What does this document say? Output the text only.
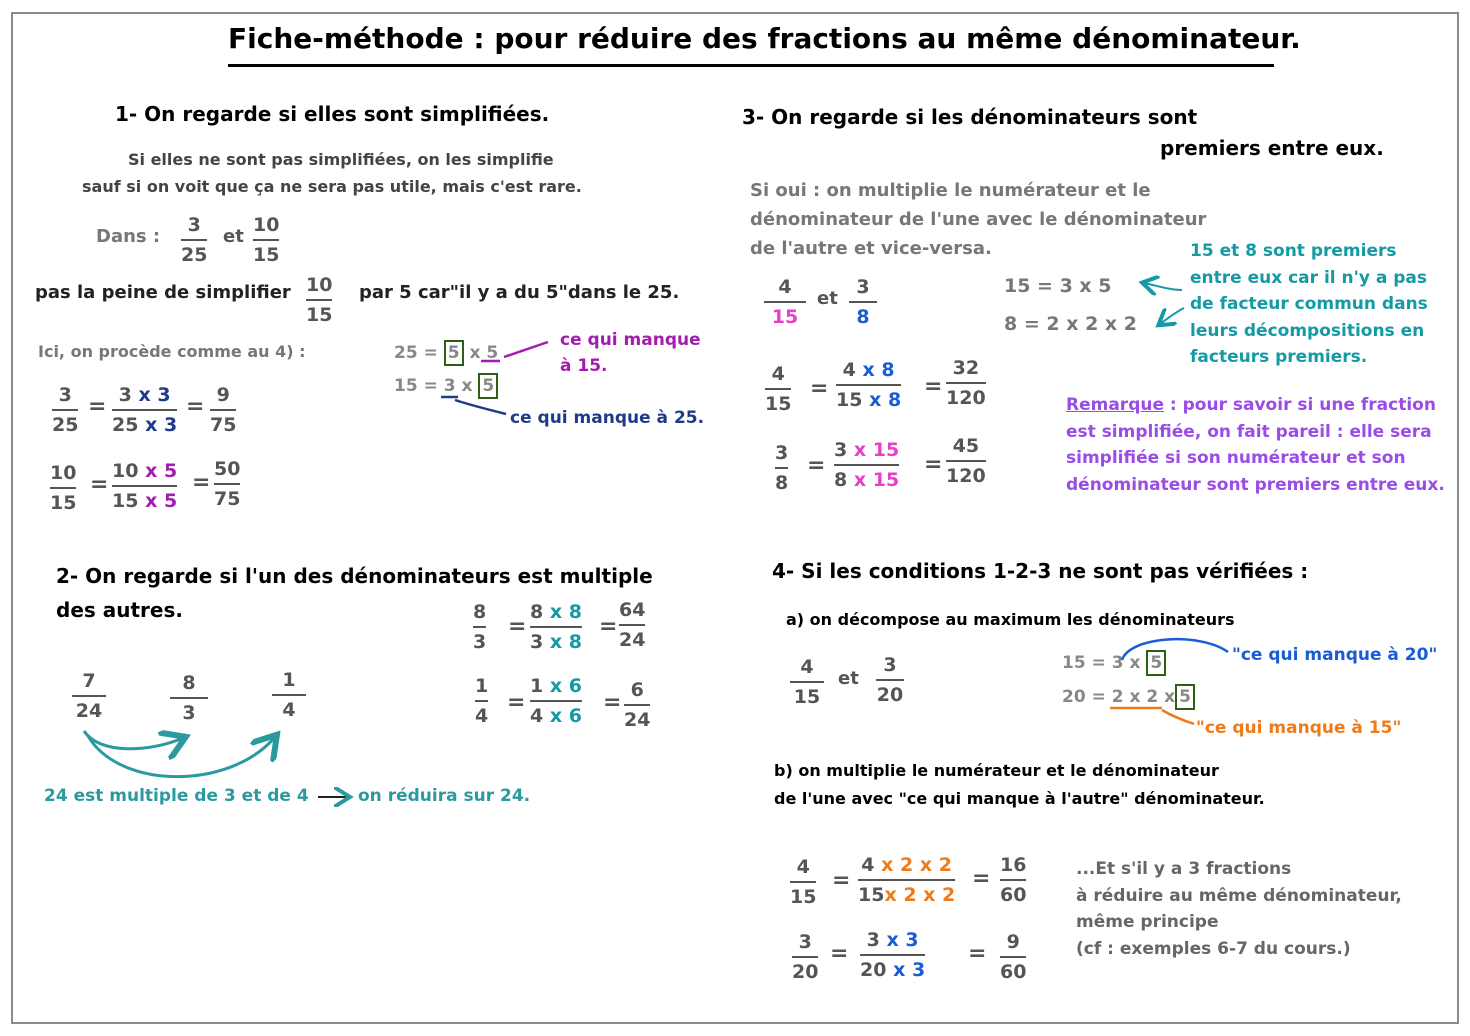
Fiche-méthode : pour réduire des fractions au même dénominateur.
1- On regarde si elles sont simplifiées.
Si elles ne sont pas simplifiées, on les simplifie
sauf si on voit que ça ne sera pas utile, mais c'est rare.
Dans :
3
25
et
10
15
pas la peine de simplifier 10
15
par 5 car"il y a du 5"dans le 25.
Ici, on procède comme au 4) :	25 = 5 x 5
15 = 3 x 5
ce qui manque
à 15.
ce qui manque à 25.
3
25
= 3 x 3
25 x 3
= 9
75
10
15
=
10 x 5
15 x 5
=
50
75
2- On regarde si l'un des dénominateurs est multiple
des autres.
7
24
8
3
1
4
24 est multiple de 3 et de 4	on réduira sur 24.
8
3
=
8 x 8
3 x 8
=
64
24
1
4
=
1 x 6
4 x 6
= 6
24
3- On regarde si les dénominateurs sont
premiers entre eux.
Si oui : on multiplie le numérateur et le
dénominateur de l'une avec le dénominateur
de l'autre et vice-versa.
4
15
et
3
8
15 = 3 x 5
8 = 2 x 2 x 2
15 et 8 sont premiers
entre eux car il n'y a pas
de facteur commun dans
leurs décompositions en
facteurs premiers.
4
15
=
4 x 8
15 x 8
=
32
120
3
8
=
3 x 15
8 x 15
=
45
120
Remarque : pour savoir si une fraction
est simplifiée, on fait pareil : elle sera
simplifiée si son numérateur et son
dénominateur sont premiers entre eux.
4- Si les conditions 1-2-3 ne sont pas vérifiées :
a) on décompose au maximum les dénominateurs
4
15
et
3
20
15 = 3 x 5
20 = 2 x 2 x 5
"ce qui manque à 20"
"ce qui manque à 15"
b) on multiplie le numérateur et le dénominateur
de l'une avec "ce qui manque à l'autre" dénominateur.
4
15
=
4 x 2 x 2
15x 2 x 2
=
16
60
3
20
=
3 x 3
20 x 3
= 9
60
...Et s'il y a 3 fractions
à réduire au même dénominateur,
même principe
(cf : exemples 6-7 du cours.)
